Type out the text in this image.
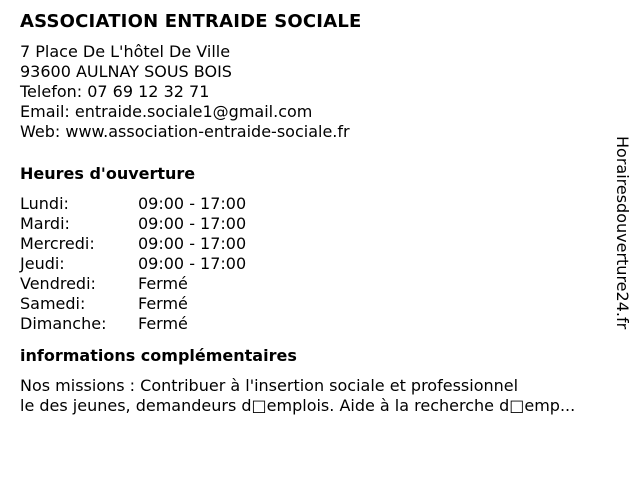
ASSOCIATION ENTRAIDE SOCIALE
7 Place De L'hôtel De Ville
93600 AULNAY SOUS BOIS
Telefon: 07 69 12 32 71
Email: entraide.sociale1@gmail.com
Web: www.association-entraide-sociale.fr
Heures d'ouverture
Lundi:	09:00 - 17:00
Mardi:	09:00 - 17:00
Mercredi:	09:00 - 17:00
Jeudi:	09:00 - 17:00
Vendredi:	Fermé
Samedi:	Fermé
Dimanche:	Fermé
informations complémentaires
Nos missions : Contribuer à l'insertion sociale et professionnel
le des jeunes, demandeurs d□emplois. Aide à la recherche d□emp...
Horairesdouverture24.fr
